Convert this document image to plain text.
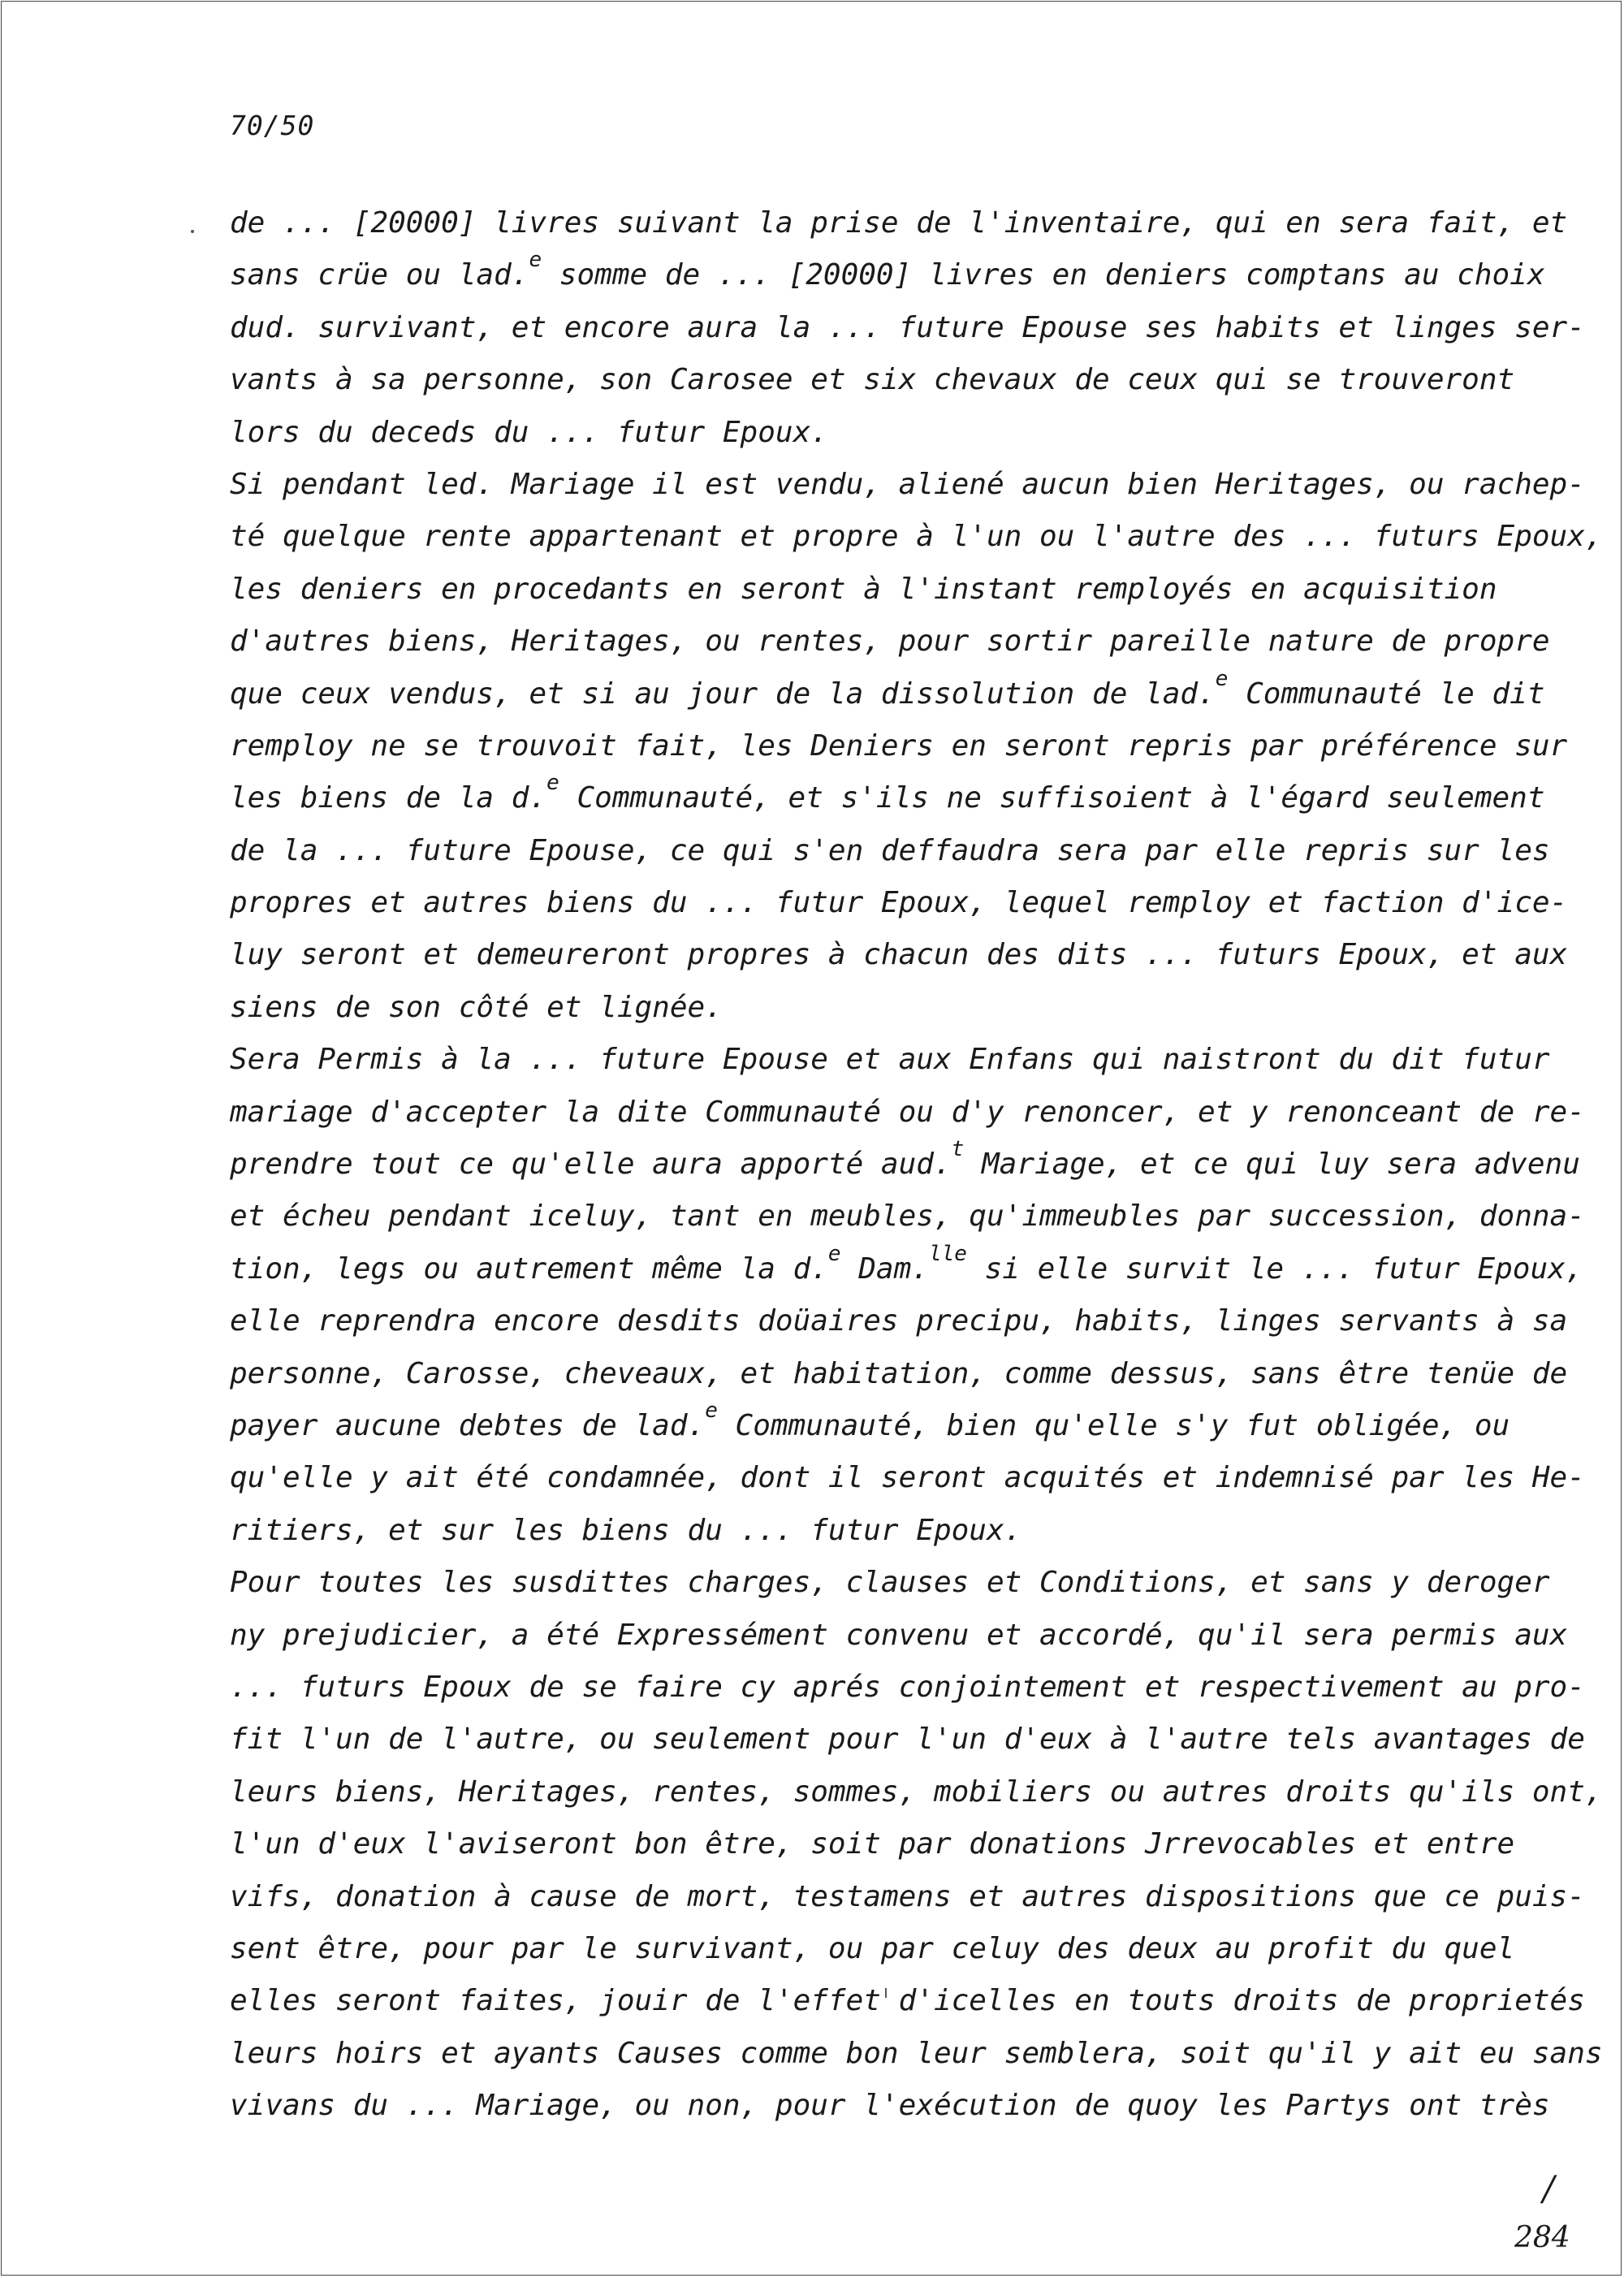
70/50
de ... [20000] livres suivant la prise de l'inventaire, qui en sera fait, et
sans crüe ou lad.$^e$ somme de ... [20000] livres en deniers comptans au choix
dud. survivant, et encore aura la ... future Epouse ses habits et linges ser-
vants à sa personne, son Carosee et six chevaux de ceux qui se trouveront
lors du deceds du ... futur Epoux.
Si pendant led. Mariage il est vendu, aliené aucun bien Heritages, ou rachep-
té quelque rente appartenant et propre à l'un ou l'autre des ... futurs Epoux,
les deniers en procedants en seront à l'instant remployés en acquisition
d'autres biens, Heritages, ou rentes, pour sortir pareille nature de propre
que ceux vendus, et si au jour de la dissolution de lad.$^e$ Communauté le dit
remploy ne se trouvoit fait, les Deniers en seront repris par préférence sur
les biens de la d.$^e$ Communauté, et s'ils ne suffisoient à l'égard seulement
de la ... future Epouse, ce qui s'en deffaudra sera par elle repris sur les
propres et autres biens du ... futur Epoux, lequel remploy et faction d'ice-
luy seront et demeureront propres à chacun des dits ... futurs Epoux, et aux
siens de son côté et lignée.
Sera Permis à la ... future Epouse et aux Enfans qui naistront du dit futur
mariage d'accepter la dite Communauté ou d'y renoncer, et y renonceant de re-
prendre tout ce qu'elle aura apporté aud.$^t$ Mariage, et ce qui luy sera advenu
et écheu pendant iceluy, tant en meubles, qu'immeubles par succession, donna-
tion, legs ou autrement même la d.$^e$ Dam.$^{lle}$ si elle survit le ... futur Epoux,
elle reprendra encore desdits doüaires precipu, habits, linges servants à sa
personne, Carosse, cheveaux, et habitation, comme dessus, sans être tenüe de
payer aucune debtes de lad.$^e$ Communauté, bien qu'elle s'y fut obligée, ou
qu'elle y ait été condamnée, dont il seront acquités et indemnisé par les He-
ritiers, et sur les biens du ... futur Epoux.
Pour toutes les susdittes charges, clauses et Conditions, et sans y deroger
ny prejudicier, a été Expressément convenu et accordé, qu'il sera permis aux
... futurs Epoux de se faire cy aprés conjointement et respectivement au pro-
fit l'un de l'autre, ou seulement pour l'un d'eux à l'autre tels avantages de
leurs biens, Heritages, rentes, sommes, mobiliers ou autres droits qu'ils ont,
l'un d'eux l'aviseront bon être, soit par donations Jrrevocables et entre
vifs, donation à cause de mort, testamens et autres dispositions que ce puis-
sent être, pour par le survivant, ou par celuy des deux au profit du quel
elles seront faites, jouir de l'effet d'icelles en touts droits de proprietés
leurs hoirs et ayants Causes comme bon leur semblera, soit qu'il y ait eu sans
vivans du ... Mariage, ou non, pour l'exécution de quoy les Partys ont très
/
284
